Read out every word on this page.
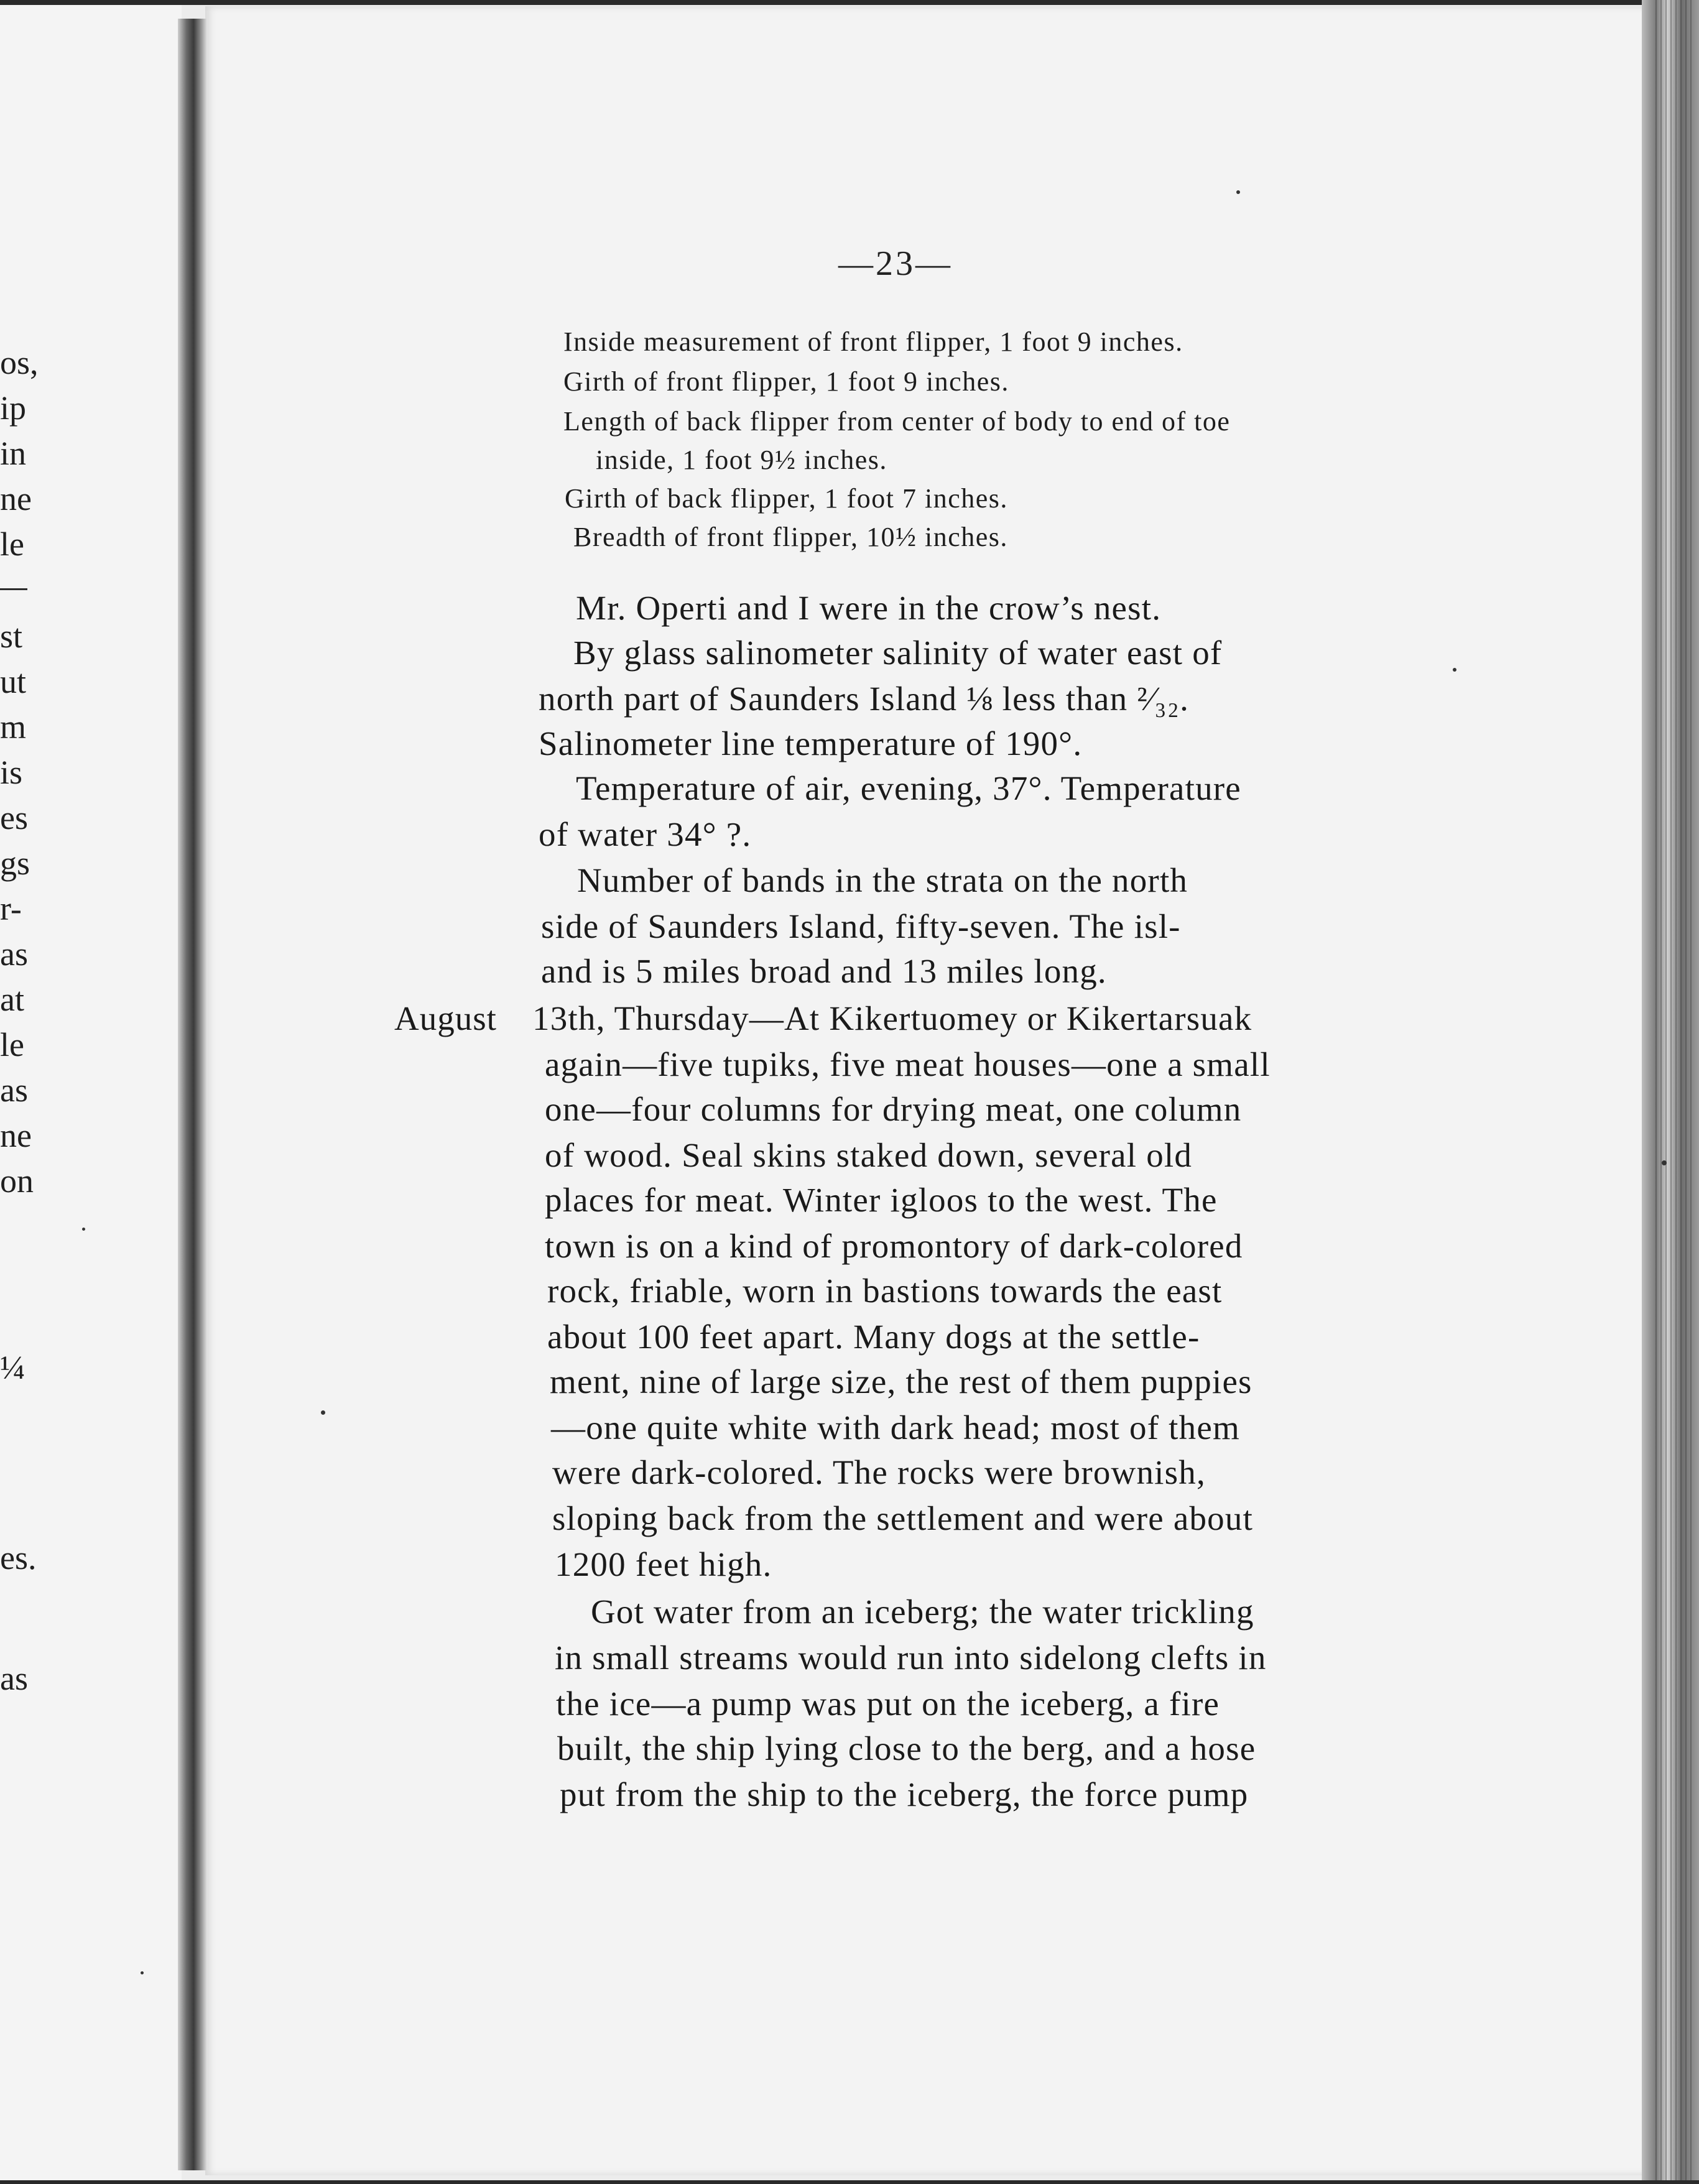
os,
ip
in
ne
le
st
ut
m
is
es
gs
r-
as
at
le
as
ne
on
¼
es.
as
—23—
Inside measurement of front flipper, 1 foot 9 inches.
Girth of front flipper, 1 foot 9 inches.
Length of back flipper from center of body to end of toe
inside, 1 foot 9½ inches.
Girth of back flipper, 1 foot 7 inches.
Breadth of front flipper, 10½ inches.
Mr. Operti and I were in the crow’s nest.
By glass salinometer salinity of water east of
north part of Saunders Island ⅛ less than ²⁄₃₂.
Salinometer line temperature of 190°.
Temperature of air, evening, 37°. Temperature
of water 34° ?.
Number of bands in the strata on the north
side of Saunders Island, fifty-seven. The isl-
and is 5 miles broad and 13 miles long.
August 13th, Thursday—At Kikertuomey or Kikertarsuak
again—five tupiks, five meat houses—one a small
one—four columns for drying meat, one column
of wood. Seal skins staked down, several old
places for meat. Winter igloos to the west. The
town is on a kind of promontory of dark-colored
rock, friable, worn in bastions towards the east
about 100 feet apart. Many dogs at the settle-
ment, nine of large size, the rest of them puppies
—one quite white with dark head; most of them
were dark-colored. The rocks were brownish,
sloping back from the settlement and were about
1200 feet high.
Got water from an iceberg; the water trickling
in small streams would run into sidelong clefts in
the ice—a pump was put on the iceberg, a fire
built, the ship lying close to the berg, and a hose
put from the ship to the iceberg, the force pump
